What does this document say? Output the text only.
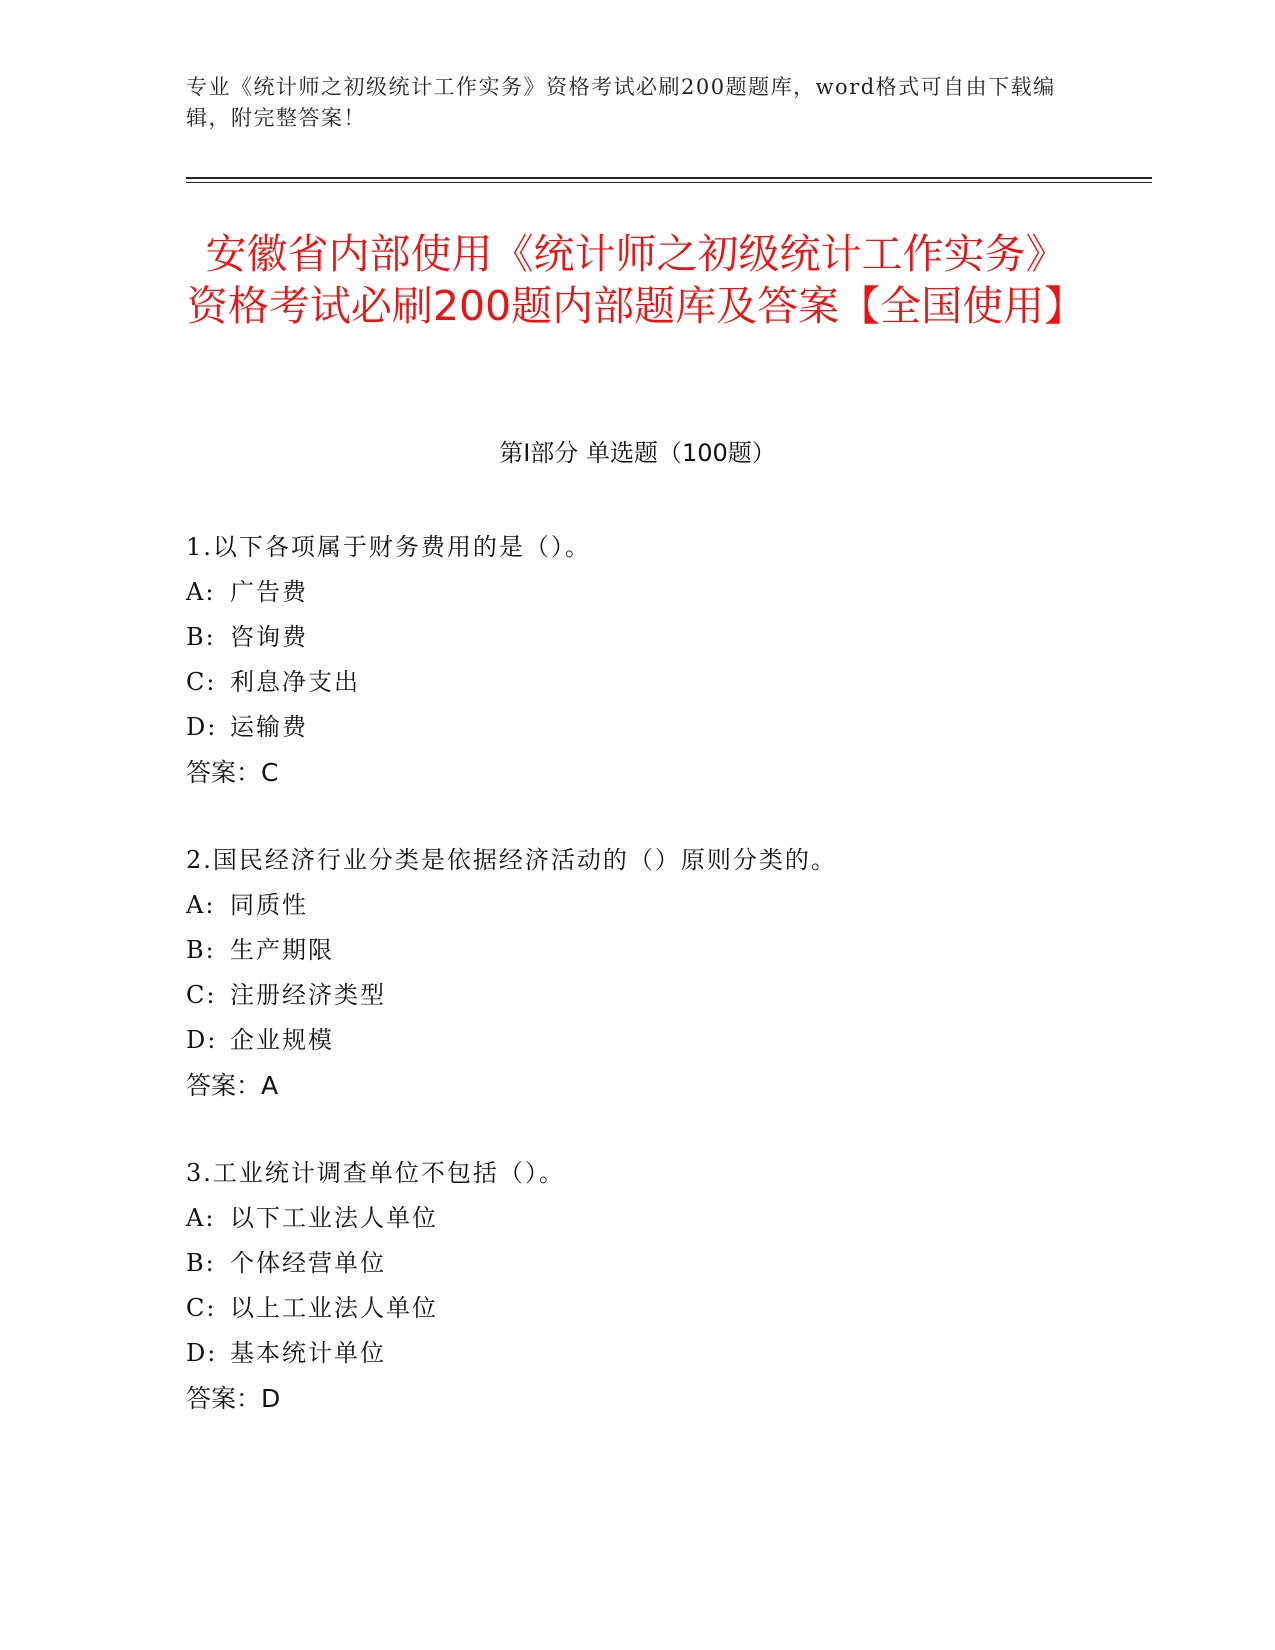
专业《统计师之初级统计工作实务》资格考试必刷200题题库，word格式可自由下载编辑，附完整答案！
安徽省内部使用《统计师之初级统计工作实务》资格考试必刷200题内部题库及答案【全国使用】
第Ⅰ部分 单选题（100题）
1.以下各项属于财务费用的是（）。
A: 广告费
B: 咨询费
C: 利息净支出
D: 运输费
答案：C
2.国民经济行业分类是依据经济活动的（）原则分类的。
A: 同质性
B: 生产期限
C: 注册经济类型
D: 企业规模
答案：A
3.工业统计调查单位不包括（）。
A: 以下工业法人单位
B: 个体经营单位
C: 以上工业法人单位
D: 基本统计单位
答案：D
